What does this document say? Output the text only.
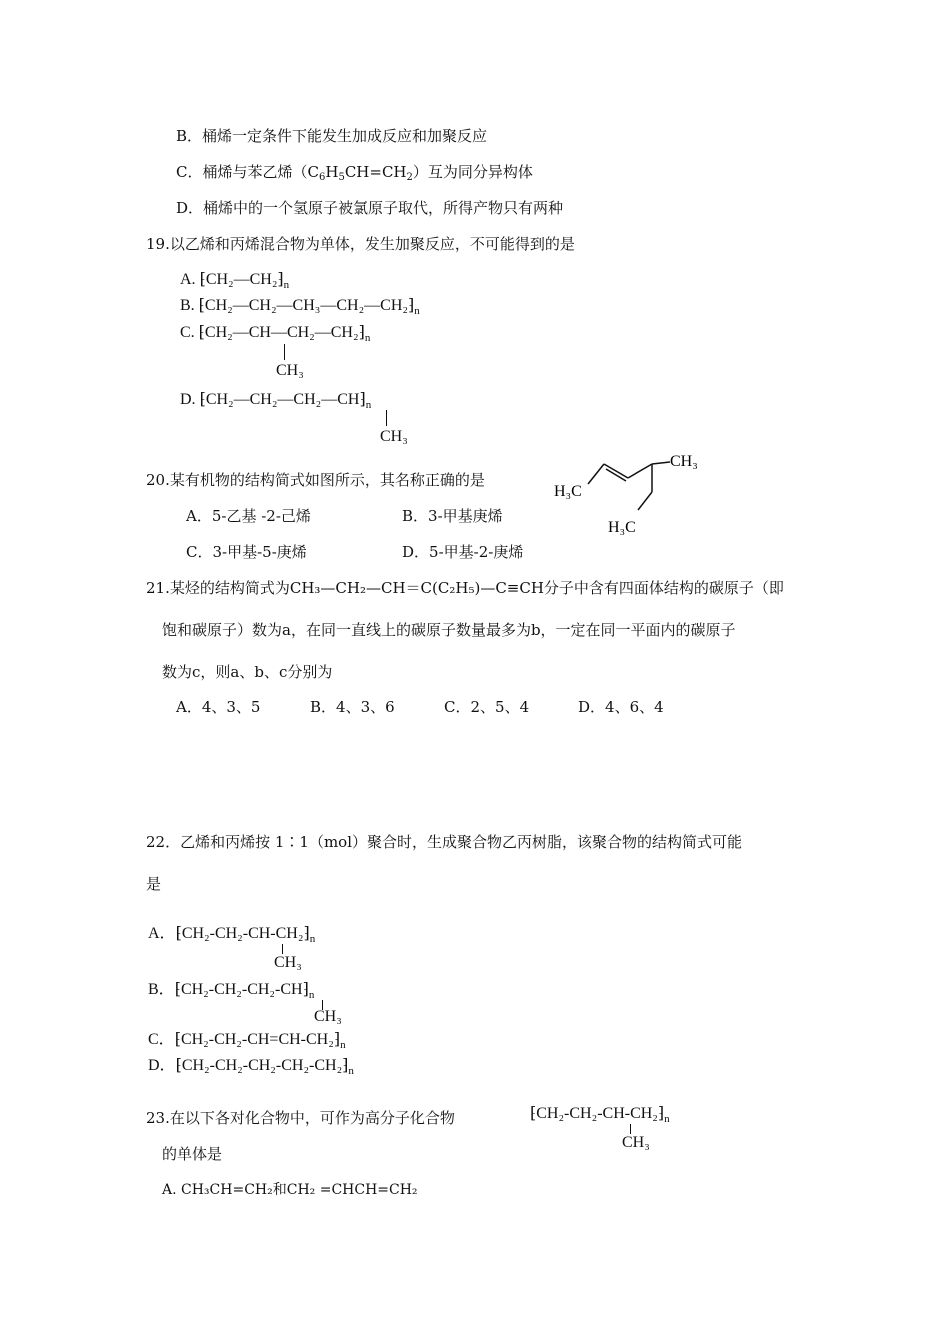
B．桶烯一定条件下能发生加成反应和加聚反应
C．桶烯与苯乙烯$(C_6H_5CH=CH_2)$互为同分异构体
D．桶烯中的一个氢原子被氯原子取代，所得产物只有两种
19.以乙烯和丙烯混合物为单体，发生加聚反应，不可能得到的是
A. $⁅CH_2—CH_2⁆_n$
B. $⁅CH_2—CH_2—CH_3—CH_2—CH_2⁆_n$
C. $⁅CH_2—CH—CH_2—CH_2⁆_n$
CH₃
D. $⁅CH_2—CH_2—CH_2—CH⁆_n$
CH₃
20.某有机物的结构简式如图所示，其名称正确的是
A．5-乙基 -2-己烯	B．3-甲基庚烯
C．3-甲基-5-庚烯	D．5-甲基-2-庚烯
CH₃
H₃C
H₃C
21.某烃的结构简式为CH₃—CH₂—CH＝C(C₂H₅)—C≡CH分子中含有四面体结构的碳原子（即
饱和碳原子）数为a，在同一直线上的碳原子数量最多为b，一定在同一平面内的碳原子
数为c，则a、b、c分别为
A．4、3、5	B．4、3、6	C．2、5、4	D．4、6、4
22．乙烯和丙烯按 1∶1（mol）聚合时，生成聚合物乙丙树脂，该聚合物的结构简式可能
是
A．$⁅CH_2-CH_2-CH-CH_2⁆_n$
CH₃
B．$⁅CH_2-CH_2-CH_2-CH⁆_n$
CH₃
C．$⁅CH_2-CH_2-CH=CH-CH_2⁆_n$
D．$⁅CH_2-CH_2-CH_2-CH_2-CH_2⁆_n$
23.在以下各对化合物中，可作为高分子化合物
的单体是
$⁅CH_2-CH_2-CH-CH_2⁆_n$
CH₃
A. CH₃CH=CH₂和CH₂ =CHCH=CH₂
